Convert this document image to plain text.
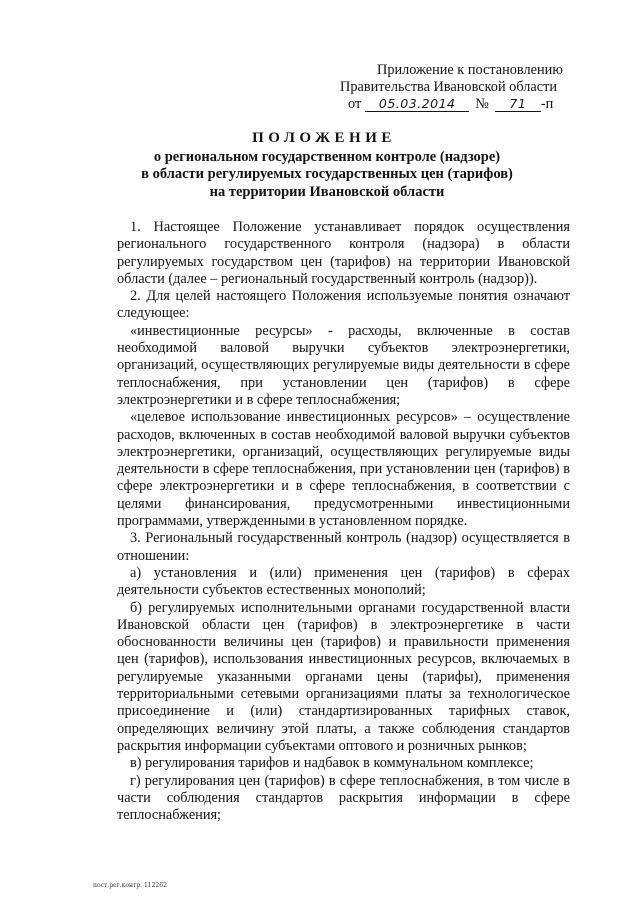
Приложение к постановлению
Правительства Ивановской области
от 05.03.2014 № 71 -п
ПОЛОЖЕНИЕ
о региональном государственном контроле (надзоре)
в области регулируемых государственных цен (тарифов)
на территории Ивановской области

1. Настоящее Положение устанавливает порядок осуществления регионального государственного контроля (надзора) в области регулируемых государством цен (тарифов) на территории Ивановской области (далее – региональный государственный контроль (надзор)).

2. Для целей настоящего Положения используемые понятия означают следующее:

«инвестиционные ресурсы» - расходы, включенные в состав необходимой валовой выручки субъектов электроэнергетики, организаций, осуществляющих регулируемые виды деятельности в сфере теплоснабжения, при установлении цен (тарифов) в сфере электроэнергетики и в сфере теплоснабжения;

«целевое использование инвестиционных ресурсов» – осуществление расходов, включенных в состав необходимой валовой выручки субъектов электроэнергетики, организаций, осуществляющих регулируемые виды деятельности в сфере теплоснабжения, при установлении цен (тарифов) в сфере электроэнергетики и в сфере теплоснабжения, в соответствии с целями финансирования, предусмотренными инвестиционными программами, утвержденными в установленном порядке.

3. Региональный государственный контроль (надзор) осуществляется в отношении:

а) установления и (или) применения цен (тарифов) в сферах деятельности субъектов естественных монополий;

б) регулируемых исполнительными органами государственной власти Ивановской области цен (тарифов) в электроэнергетике в части обоснованности величины цен (тарифов) и правильности применения цен (тарифов), использования инвестиционных ресурсов, включаемых в регулируемые указанными органами цены (тарифы), применения территориальными сетевыми организациями платы за технологическое присоединение и (или) стандартизированных тарифных ставок, определяющих величину этой платы, а также соблюдения стандартов раскрытия информации субъектами оптового и розничных рынков;

в) регулирования тарифов и надбавок в коммунальном комплексе;

г) регулирования цен (тарифов) в сфере теплоснабжения, в том числе в части соблюдения стандартов раскрытия информации в сфере теплоснабжения;

пост.рег.контр. 112262
